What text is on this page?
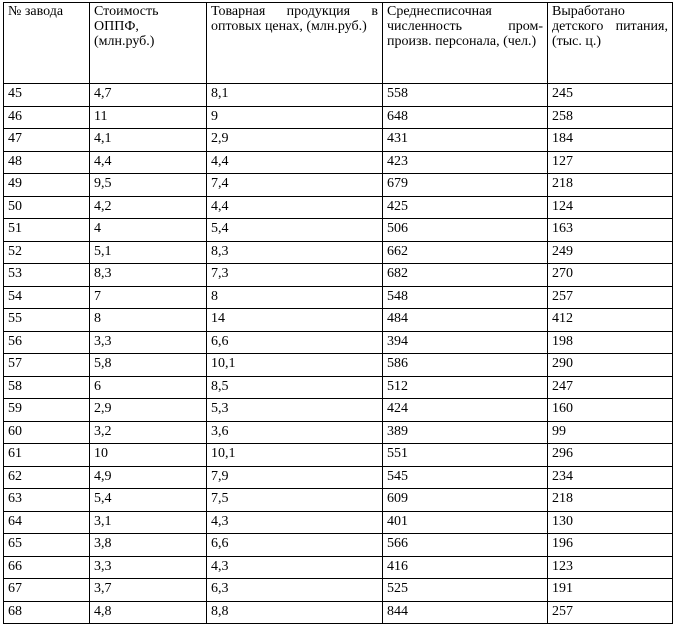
№ завода	Стоимость ОППФ, (млн.руб.)	Товарная продукция в оптовых ценах, (млн.руб.)	Среднесписочная численность пром-произв. персонала, (чел.)	Выработано детского питания, (тыс. ц.)

45	4,7	8,1	558	245
46	11	9	648	258
47	4,1	2,9	431	184
48	4,4	4,4	423	127
49	9,5	7,4	679	218
50	4,2	4,4	425	124
51	4	5,4	506	163
52	5,1	8,3	662	249
53	8,3	7,3	682	270
54	7	8	548	257
55	8	14	484	412
56	3,3	6,6	394	198
57	5,8	10,1	586	290
58	6	8,5	512	247
59	2,9	5,3	424	160
60	3,2	3,6	389	99
61	10	10,1	551	296
62	4,9	7,9	545	234
63	5,4	7,5	609	218
64	3,1	4,3	401	130
65	3,8	6,6	566	196
66	3,3	4,3	416	123
67	3,7	6,3	525	191
68	4,8	8,8	844	257
